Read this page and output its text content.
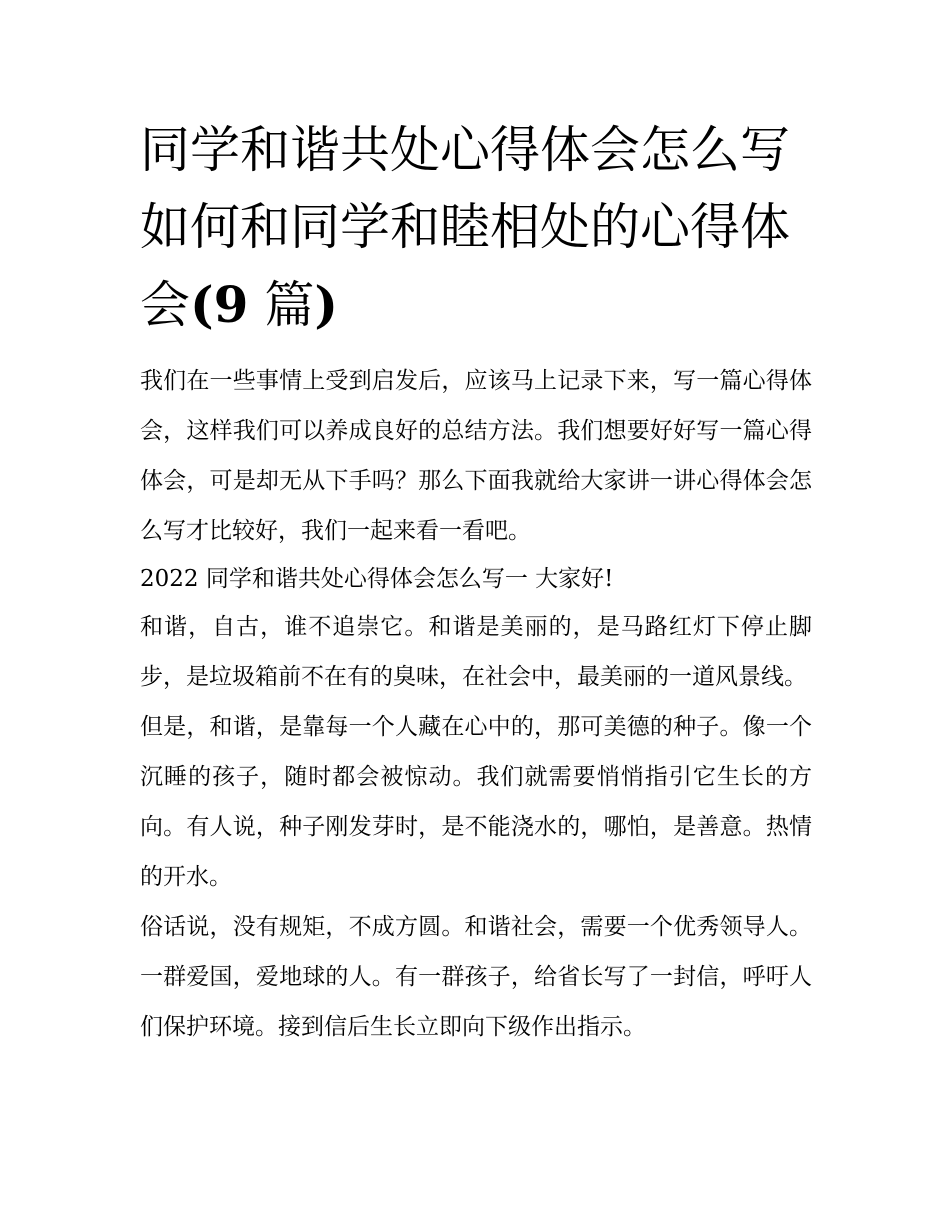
同学和谐共处心得体会怎么写
如何和同学和睦相处的心得体
会(9 篇)

我们在一些事情上受到启发后，应该马上记录下来，写一篇心得体会，这样我们可以养成良好的总结方法。我们想要好好写一篇心得体会，可是却无从下手吗？那么下面我就给大家讲一讲心得体会怎么写才比较好，我们一起来看一看吧。

2022 同学和谐共处心得体会怎么写一 大家好!

和谐，自古，谁不追崇它。和谐是美丽的，是马路红灯下停止脚步，是垃圾箱前不在有的臭味，在社会中，最美丽的一道风景线。

但是，和谐，是靠每一个人藏在心中的，那可美德的种子。像一个沉睡的孩子，随时都会被惊动。我们就需要悄悄指引它生长的方向。有人说，种子刚发芽时，是不能浇水的，哪怕，是善意。热情的开水。

俗话说，没有规矩，不成方圆。和谐社会，需要一个优秀领导人。一群爱国，爱地球的人。有一群孩子，给省长写了一封信，呼吁人们保护环境。接到信后生长立即向下级作出指示。
